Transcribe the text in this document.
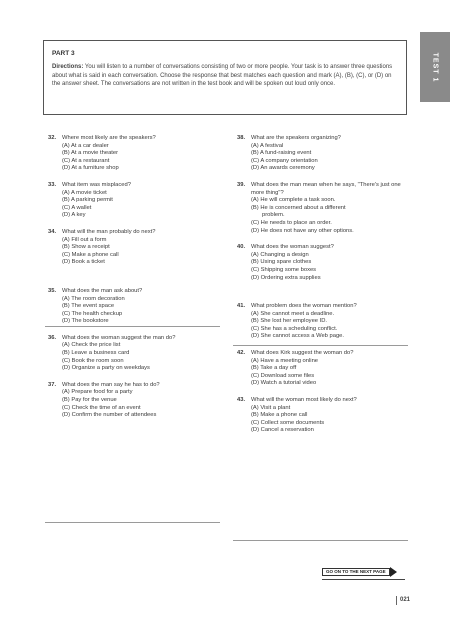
TEST 1

PART 3

Directions: You will listen to a number of conversations consisting of two or more people. Your task is to answer three questions about what is said in each conversation. Choose the response that best matches each question and mark (A), (B), (C), or (D) on the answer sheet. The conversations are not written in the test book and will be spoken out loud only once.

32.	Where most likely are the speakers?
(A) At a car dealer
(B) At a movie theater
(C) At a restaurant
(D) At a furniture shop
33.	What item was misplaced?
(A) A movie ticket
(B) A parking permit
(C) A wallet
(D) A key
34.	What will the man probably do next?
(A) Fill out a form
(B) Show a receipt
(C) Make a phone call
(D) Book a ticket
35.	What does the man ask about?
(A) The room decoration
(B) The event space
(C) The health checkup
(D) The bookstore
36.	What does the woman suggest the man do?
(A) Check the price list
(B) Leave a business card
(C) Book the room soon
(D) Organize a party on weekdays
37.	What does the man say he has to do?
(A) Prepare food for a party
(B) Pay for the venue
(C) Check the time of an event
(D) Confirm the number of attendees
38.	What are the speakers organizing?
(A) A festival
(B) A fund-raising event
(C) A company orientation
(D) An awards ceremony
39.	What does the man mean when he says, "There's just one more thing"?
(A) He will complete a task soon.
(B) He is concerned about a different
problem.
(C) He needs to place an order.
(D) He does not have any other options.
40.	What does the woman suggest?
(A) Changing a design
(B) Using spare clothes
(C) Shipping some boxes
(D) Ordering extra supplies
41.	What problem does the woman mention?
(A) She cannot meet a deadline.
(B) She lost her employee ID.
(C) She has a scheduling conflict.
(D) She cannot access a Web page.
42.	What does Kirk suggest the woman do?
(A) Have a meeting online
(B) Take a day off
(C) Download some files
(D) Watch a tutorial video
43.	What will the woman most likely do next?
(A) Visit a plant
(B) Make a phone call
(C) Collect some documents
(D) Cancel a reservation
GO ON TO THE NEXT PAGE
021
